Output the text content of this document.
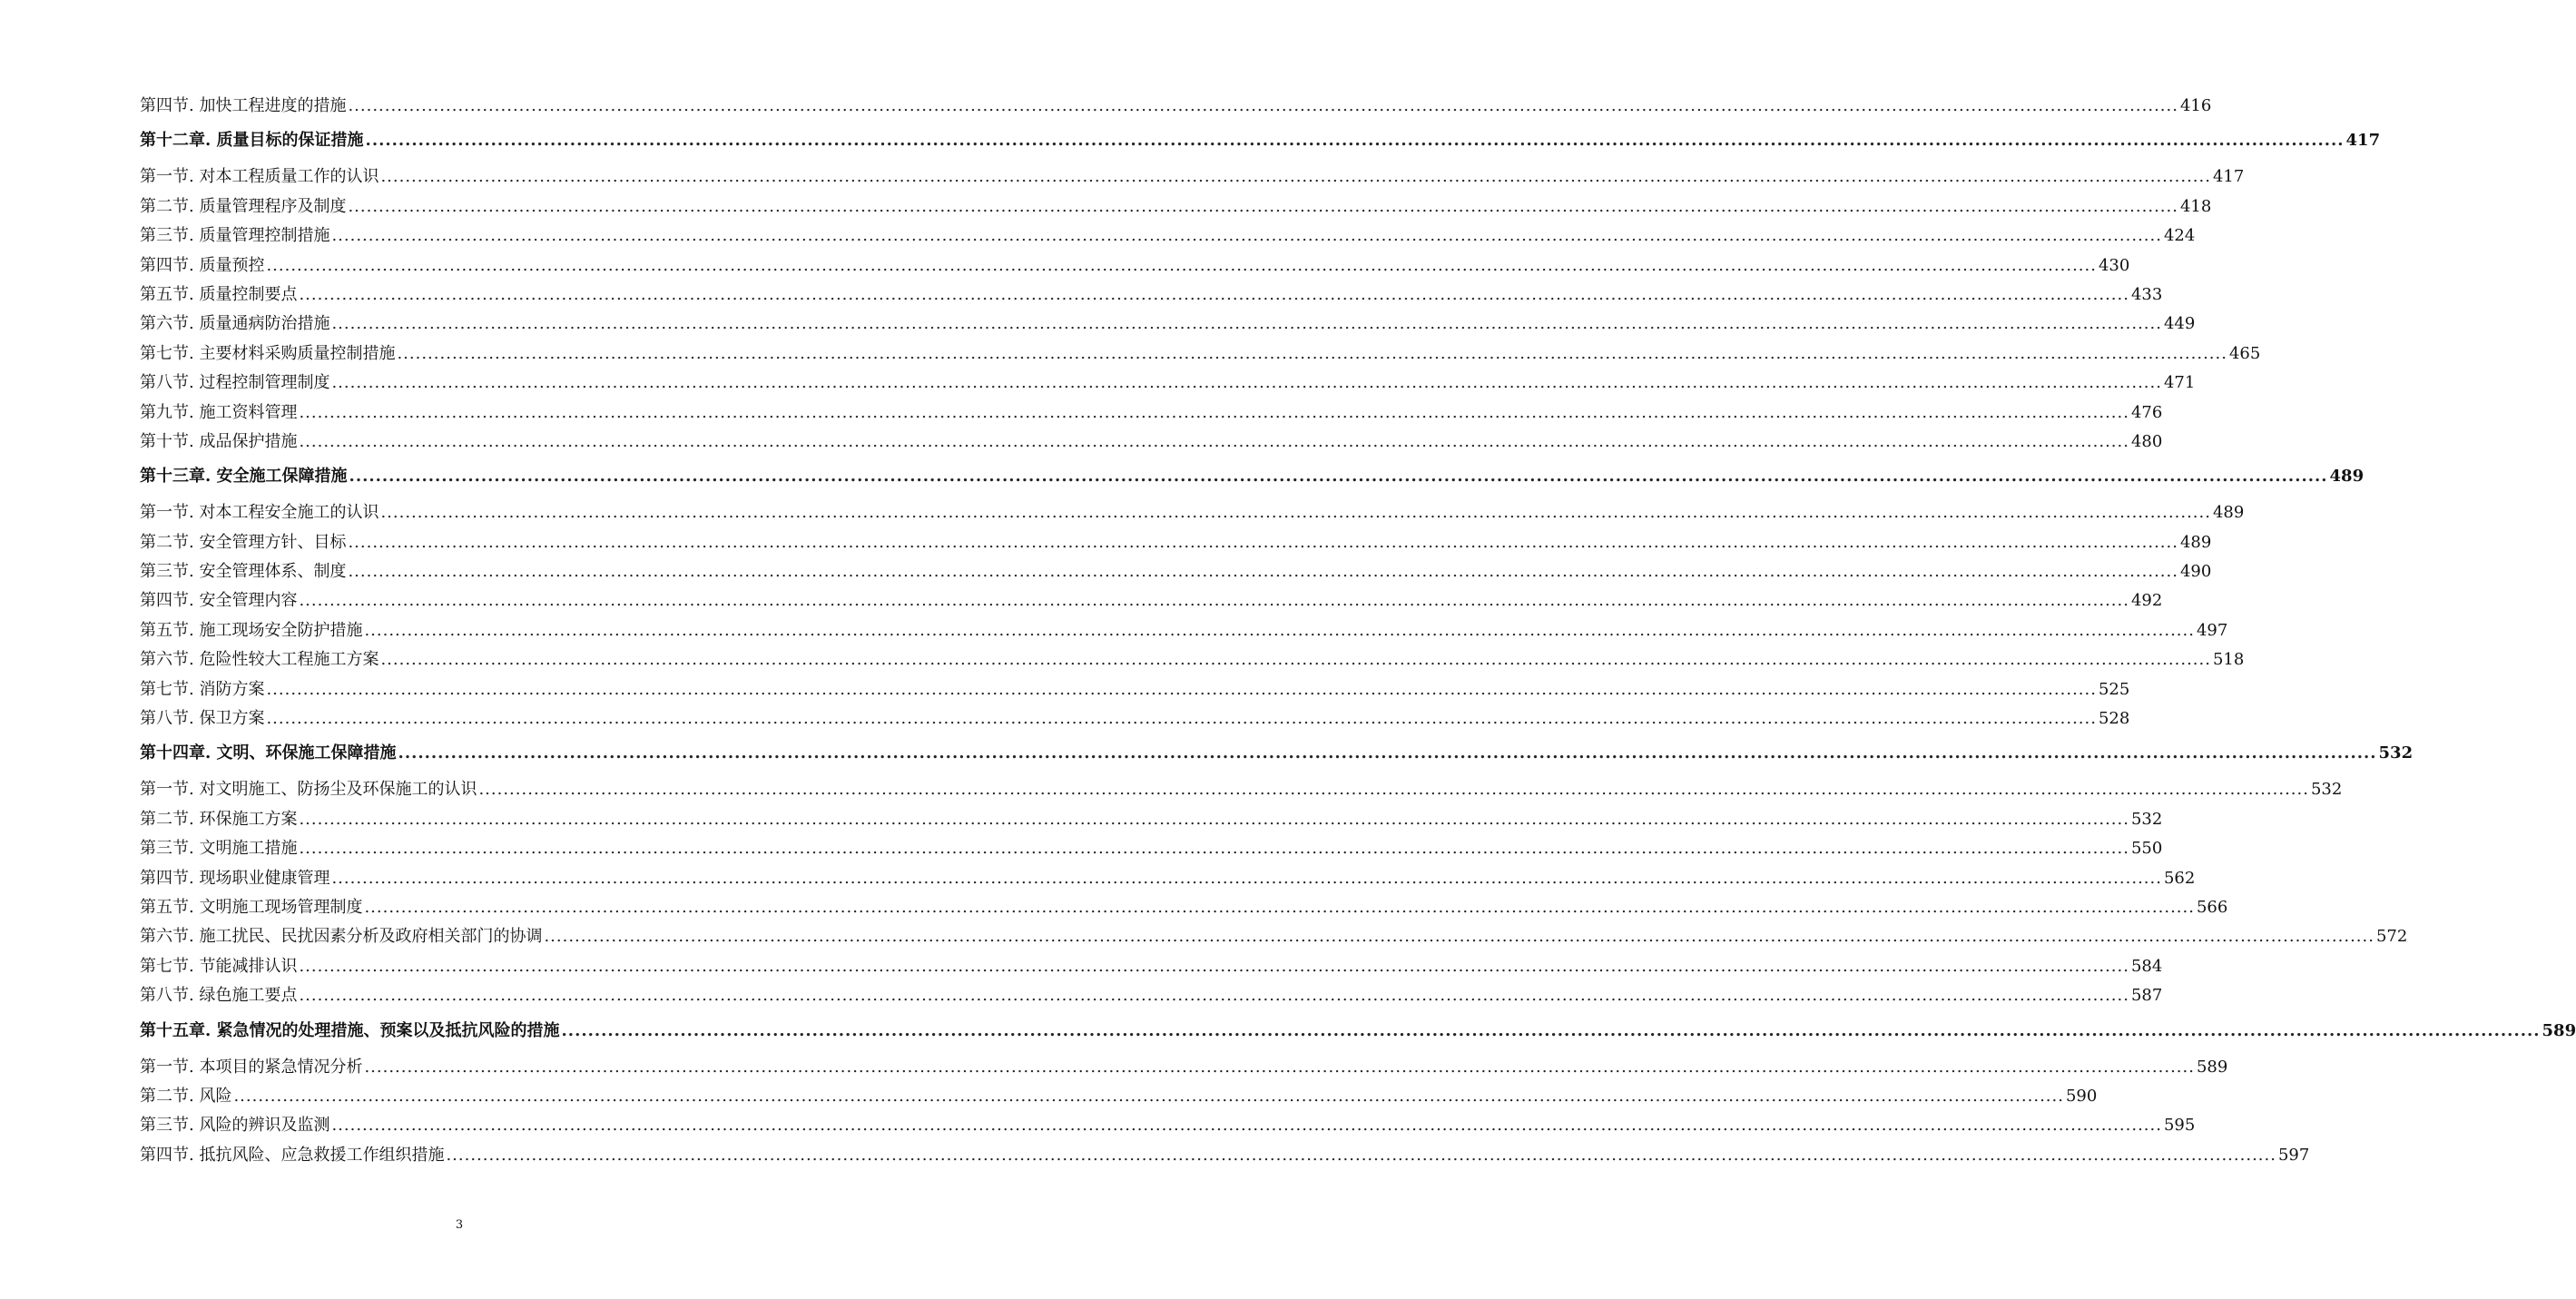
第四节. 加快工程进度的措施 ............................................................................................................................................................................................................................................................................................................ 416
第十二章. 质量目标的保证措施 ............................................................................................................................................................................................................................................................................................................ 417
第一节. 对本工程质量工作的认识 ............................................................................................................................................................................................................................................................................................................ 417
第二节. 质量管理程序及制度 ............................................................................................................................................................................................................................................................................................................ 418
第三节. 质量管理控制措施 ............................................................................................................................................................................................................................................................................................................ 424
第四节. 质量预控 ............................................................................................................................................................................................................................................................................................................ 430
第五节. 质量控制要点 ............................................................................................................................................................................................................................................................................................................ 433
第六节. 质量通病防治措施 ............................................................................................................................................................................................................................................................................................................ 449
第七节. 主要材料采购质量控制措施 ............................................................................................................................................................................................................................................................................................................ 465
第八节. 过程控制管理制度 ............................................................................................................................................................................................................................................................................................................ 471
第九节. 施工资料管理 ............................................................................................................................................................................................................................................................................................................ 476
第十节. 成品保护措施 ............................................................................................................................................................................................................................................................................................................ 480
第十三章. 安全施工保障措施 ............................................................................................................................................................................................................................................................................................................ 489
第一节. 对本工程安全施工的认识 ............................................................................................................................................................................................................................................................................................................ 489
第二节. 安全管理方针、目标 ............................................................................................................................................................................................................................................................................................................ 489
第三节. 安全管理体系、制度 ............................................................................................................................................................................................................................................................................................................ 490
第四节. 安全管理内容 ............................................................................................................................................................................................................................................................................................................ 492
第五节. 施工现场安全防护措施 ............................................................................................................................................................................................................................................................................................................ 497
第六节. 危险性较大工程施工方案 ............................................................................................................................................................................................................................................................................................................ 518
第七节. 消防方案 ............................................................................................................................................................................................................................................................................................................ 525
第八节. 保卫方案 ............................................................................................................................................................................................................................................................................................................ 528
第十四章. 文明、环保施工保障措施 ............................................................................................................................................................................................................................................................................................................ 532
第一节. 对文明施工、防扬尘及环保施工的认识 ............................................................................................................................................................................................................................................................................................................ 532
第二节. 环保施工方案 ............................................................................................................................................................................................................................................................................................................ 532
第三节. 文明施工措施 ............................................................................................................................................................................................................................................................................................................ 550
第四节. 现场职业健康管理 ............................................................................................................................................................................................................................................................................................................ 562
第五节. 文明施工现场管理制度 ............................................................................................................................................................................................................................................................................................................ 566
第六节. 施工扰民、民扰因素分析及政府相关部门的协调 ............................................................................................................................................................................................................................................................................................................ 572
第七节. 节能减排认识 ............................................................................................................................................................................................................................................................................................................ 584
第八节. 绿色施工要点 ............................................................................................................................................................................................................................................................................................................ 587
第十五章. 紧急情况的处理措施、预案以及抵抗风险的措施 ............................................................................................................................................................................................................................................................................................................ 589
第一节. 本项目的紧急情况分析 ............................................................................................................................................................................................................................................................................................................ 589
第二节. 风险 ............................................................................................................................................................................................................................................................................................................ 590
第三节. 风险的辨识及监测 ............................................................................................................................................................................................................................................................................................................ 595
第四节. 抵抗风险、应急救援工作组织措施 ............................................................................................................................................................................................................................................................................................................ 597
3
